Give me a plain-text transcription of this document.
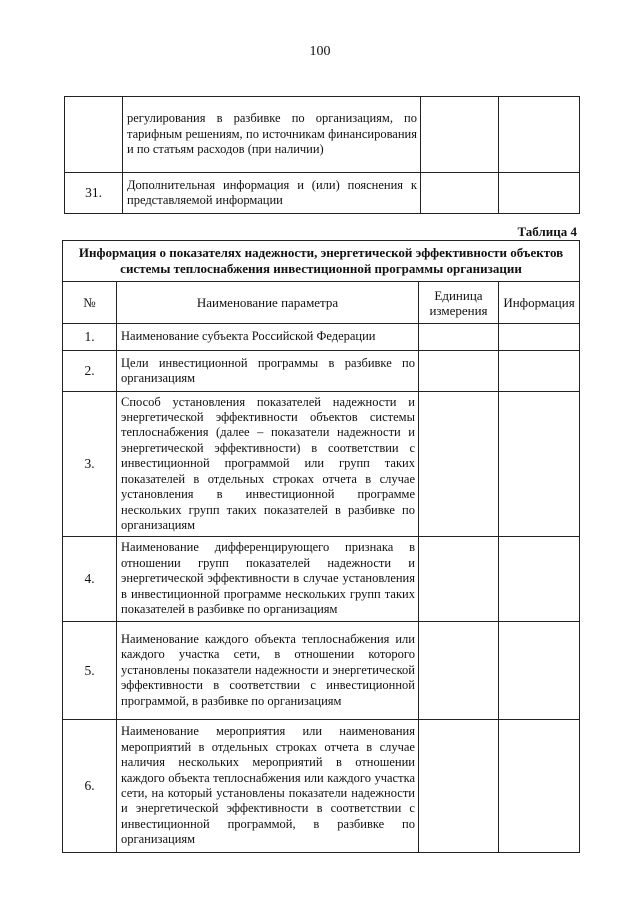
100
	регулирования в разбивке по организациям, по тарифным решениям, по источникам финансирования и по статьям расходов (при наличии)		
31.	Дополнительная информация и (или) пояснения к представляемой информации		
Таблица 4
Информация о показателях надежности, энергетической эффективности объектов системы теплоснабжения инвестиционной программы организации			
№	Наименование параметра	Единица измерения	Информация
1.	Наименование субъекта Российской Федерации		
2.	Цели инвестиционной программы в разбивке по организациям		
3.	Способ установления показателей надежности и энергетической эффективности объектов системы теплоснабжения (далее – показатели надежности и энергетической эффективности) в соответствии с инвестиционной программой или групп таких показателей в отдельных строках отчета в случае установления в инвестиционной программе нескольких групп таких показателей в разбивке по организациям		
4.	Наименование дифференцирующего признака в отношении групп показателей надежности и энергетической эффективности в случае установления в инвестиционной программе нескольких групп таких показателей в разбивке по организациям		
5.	Наименование каждого объекта теплоснабжения или каждого участка сети, в отношении которого установлены показатели надежности и энергетической эффективности в соответствии с инвестиционной программой, в разбивке по организациям		
6.	Наименование мероприятия или наименования мероприятий в отдельных строках отчета в случае наличия нескольких мероприятий в отношении каждого объекта теплоснабжения или каждого участка сети, на который установлены показатели надежности и энергетической эффективности в соответствии с инвестиционной программой, в разбивке по организациям		
